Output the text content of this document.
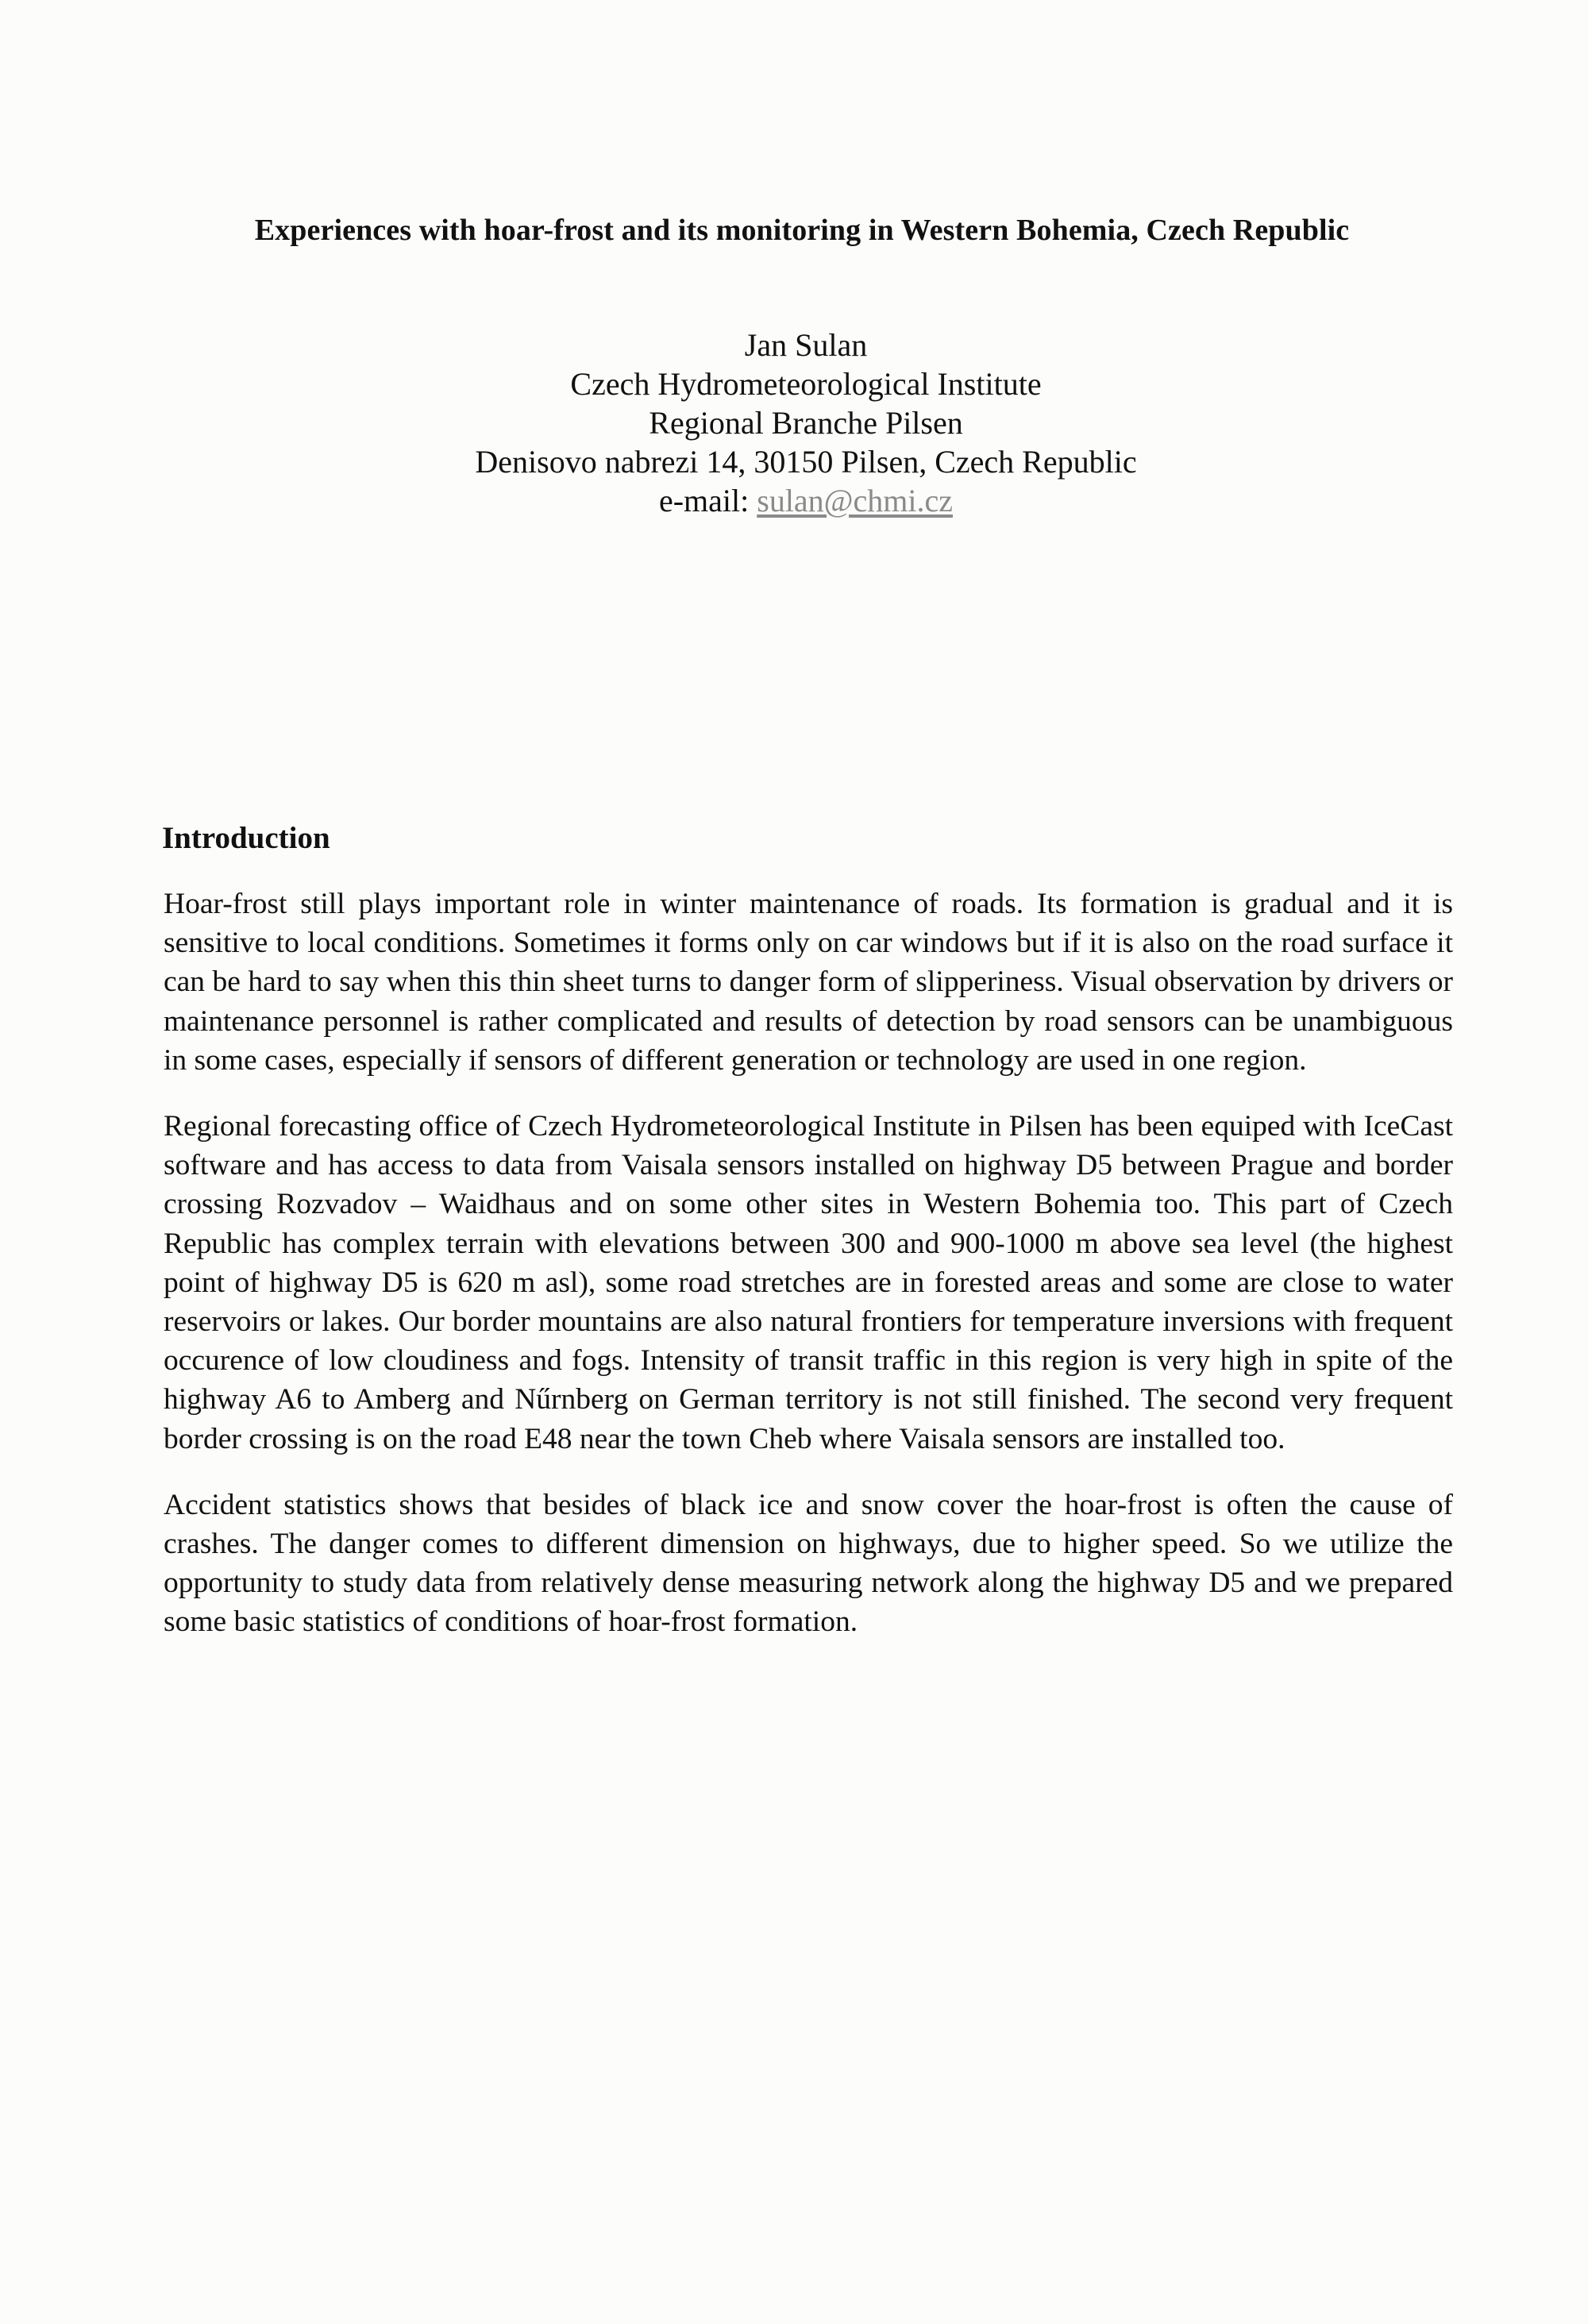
Experiences with hoar-frost and its monitoring in Western Bohemia, Czech Republic
Jan Sulan
Czech Hydrometeorological Institute
Regional Branche Pilsen
Denisovo nabrezi 14, 30150 Pilsen, Czech Republic
e-mail: sulan@chmi.cz
Introduction

Hoar-frost still plays important role in winter maintenance of roads. Its formation is gradual and it is sensitive to local conditions. Sometimes it forms only on car windows but if it is also on the road surface it can be hard to say when this thin sheet turns to danger form of slipperiness. Visual observation by drivers or maintenance personnel is rather complicated and results of detection by road sensors can be unambiguous in some cases, especially if sensors of different generation or technology are used in one region.

Regional forecasting office of Czech Hydrometeorological Institute in Pilsen has been equiped with IceCast software and has access to data from Vaisala sensors installed on highway D5 between Prague and border crossing Rozvadov – Waidhaus and on some other sites in Western Bohemia too. This part of Czech Republic has complex terrain with elevations between 300 and 900-1000 m above sea level (the highest point of highway D5 is 620 m asl), some road stretches are in forested areas and some are close to water reservoirs or lakes. Our border mountains are also natural frontiers for temperature inversions with frequent occurence of low cloudiness and fogs. Intensity of transit traffic in this region is very high in spite of the highway A6 to Amberg and Nűrnberg on German territory is not still finished. The second very frequent border crossing is on the road E48 near the town Cheb where Vaisala sensors are installed too.

Accident statistics shows that besides of black ice and snow cover the hoar-frost is often the cause of crashes. The danger comes to different dimension on highways, due to higher speed. So we utilize the opportunity to study data from relatively dense measuring network along the highway D5 and we prepared some basic statistics of conditions of hoar-frost formation.
